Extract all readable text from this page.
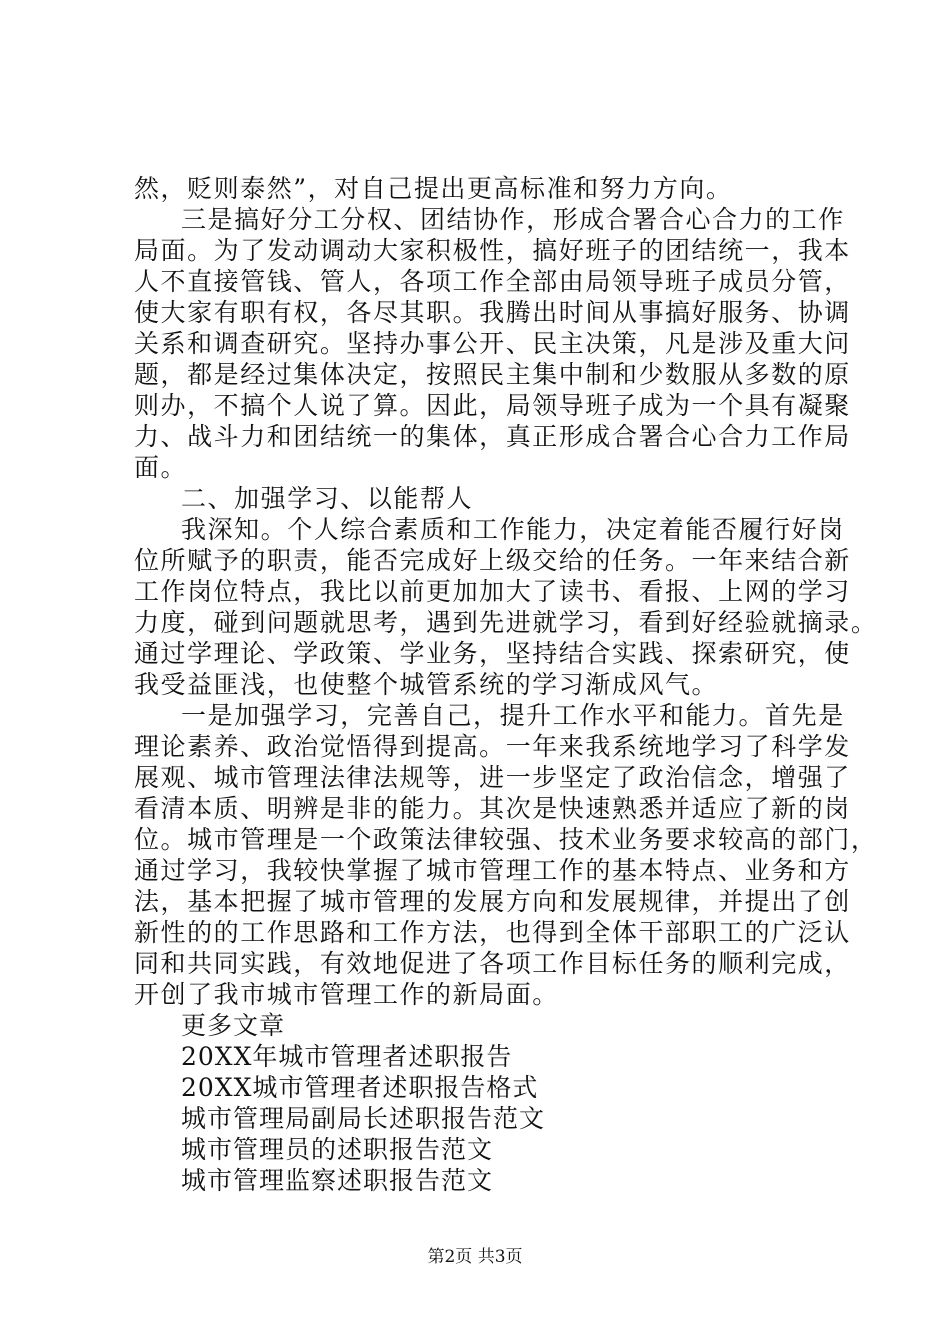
然，贬则泰然”，对自己提出更高标准和努力方向。
三是搞好分工分权、团结协作，形成合署合心合力的工作
局面。为了发动调动大家积极性，搞好班子的团结统一，我本
人不直接管钱、管人，各项工作全部由局领导班子成员分管，
使大家有职有权，各尽其职。我腾出时间从事搞好服务、协调
关系和调查研究。坚持办事公开、民主决策，凡是涉及重大问
题，都是经过集体决定，按照民主集中制和少数服从多数的原
则办，不搞个人说了算。因此，局领导班子成为一个具有凝聚
力、战斗力和团结统一的集体，真正形成合署合心合力工作局
面。
二、加强学习、以能帮人
我深知。个人综合素质和工作能力，决定着能否履行好岗
位所赋予的职责，能否完成好上级交给的任务。一年来结合新
工作岗位特点，我比以前更加加大了读书、看报、上网的学习
力度，碰到问题就思考，遇到先进就学习，看到好经验就摘录。
通过学理论、学政策、学业务，坚持结合实践、探索研究，使
我受益匪浅，也使整个城管系统的学习渐成风气。
一是加强学习，完善自己，提升工作水平和能力。首先是
理论素养、政治觉悟得到提高。一年来我系统地学习了科学发
展观、城市管理法律法规等，进一步坚定了政治信念，增强了
看清本质、明辨是非的能力。其次是快速熟悉并适应了新的岗
位。城市管理是一个政策法律较强、技术业务要求较高的部门，
通过学习，我较快掌握了城市管理工作的基本特点、业务和方
法，基本把握了城市管理的发展方向和发展规律，并提出了创
新性的的工作思路和工作方法，也得到全体干部职工的广泛认
同和共同实践，有效地促进了各项工作目标任务的顺利完成，
开创了我市城市管理工作的新局面。
更多文章
20XX年城市管理者述职报告
20XX城市管理者述职报告格式
城市管理局副局长述职报告范文
城市管理员的述职报告范文
城市管理监察述职报告范文
第2页 共3页
